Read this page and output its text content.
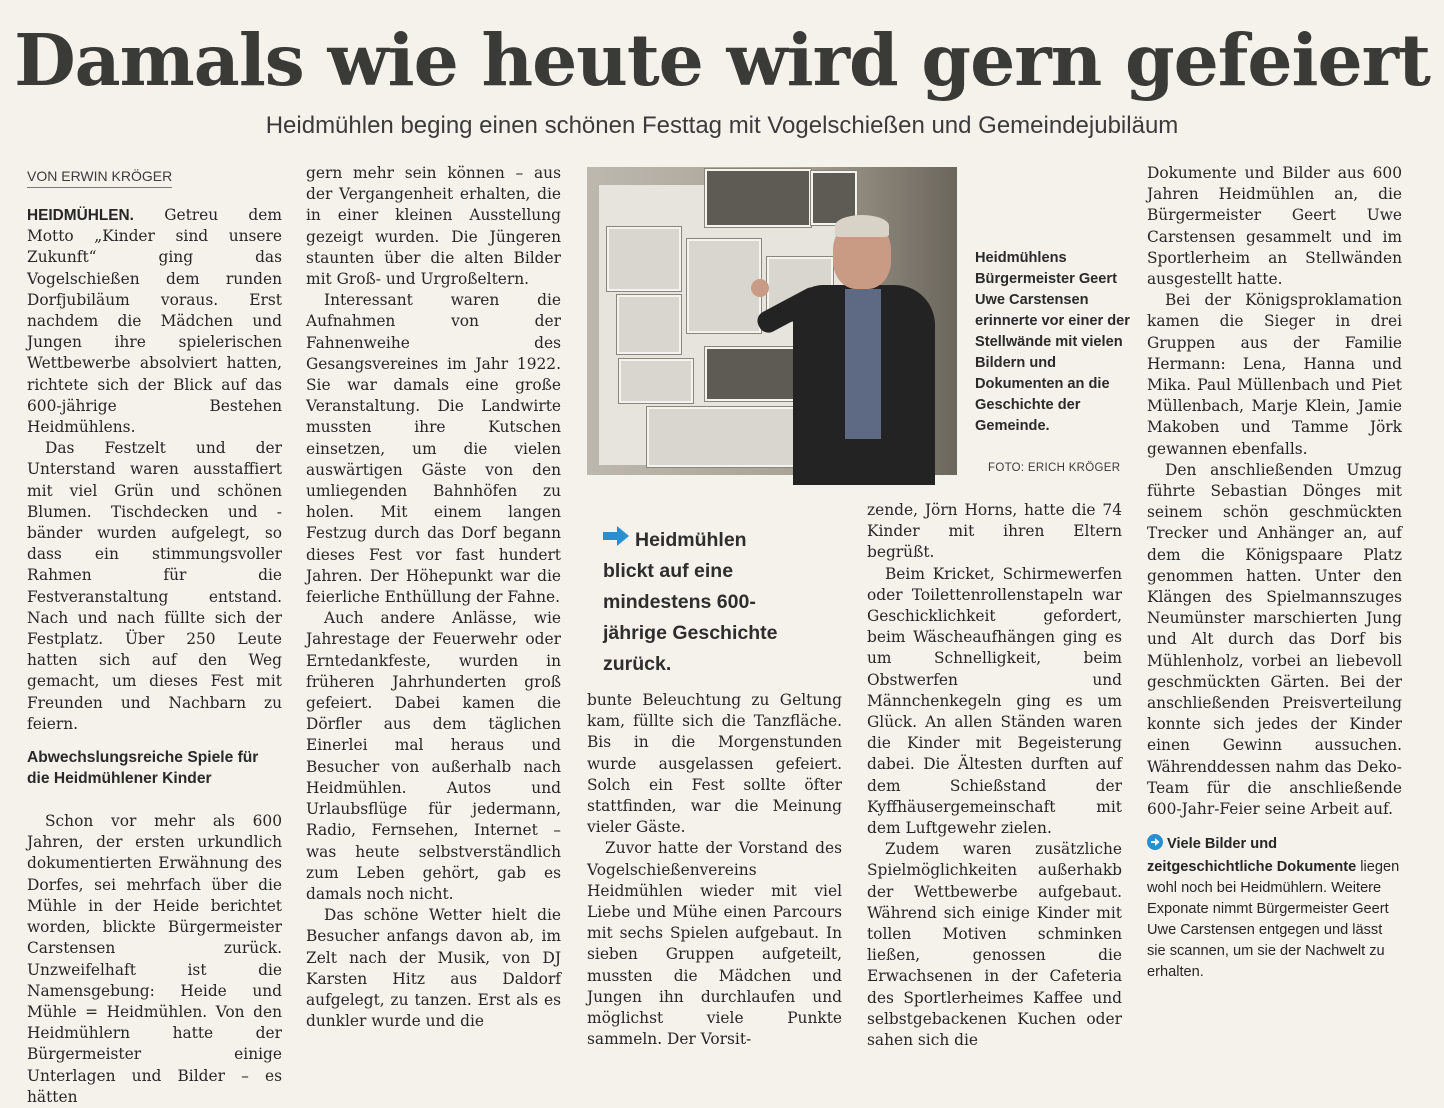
Damals wie heute wird gern gefeiert
Heidmühlen beging einen schönen Festtag mit Vogelschießen und Gemeindejubiläum
VON ERWIN KRÖGER

HEIDMÜHLEN. Getreu dem Motto „Kinder sind unsere Zukunft“ ging das Vogelschießen dem runden Dorfjubiläum voraus. Erst nachdem die Mädchen und Jungen ihre spielerischen Wettbewerbe absolviert hatten, richtete sich der Blick auf das 600-jährige Bestehen Heidmühlens.

Das Festzelt und der Unterstand waren ausstaffiert mit viel Grün und schönen Blumen. Tischdecken und -bänder wurden aufgelegt, so dass ein stimmungsvoller Rahmen für die Festveranstaltung entstand. Nach und nach füllte sich der Festplatz. Über 250 Leute hatten sich auf den Weg gemacht, um dieses Fest mit Freunden und Nachbarn zu feiern.

Abwechslungsreiche Spiele für die Heidmühlener Kinder

Schon vor mehr als 600 Jahren, der ersten urkundlich dokumentierten Erwähnung des Dorfes, sei mehrfach über die Mühle in der Heide berichtet worden, blickte Bürgermeister Carstensen zurück. Unzweifelhaft ist die Namensgebung: Heide und Mühle = Heidmühlen. Von den Heidmühlern hatte der Bürgermeister einige Unterlagen und Bilder – es hätten

gern mehr sein können – aus der Vergangenheit erhalten, die in einer kleinen Ausstellung gezeigt wurden. Die Jüngeren staunten über die alten Bilder mit Groß- und Urgroßeltern.

Interessant waren die Aufnahmen von der Fahnenweihe des Gesangsvereines im Jahr 1922. Sie war damals eine große Veranstaltung. Die Landwirte mussten ihre Kutschen einsetzen, um die vielen auswärtigen Gäste von den umliegenden Bahnhöfen zu holen. Mit einem langen Festzug durch das Dorf begann dieses Fest vor fast hundert Jahren. Der Höhepunkt war die feierliche Enthüllung der Fahne.

Auch andere Anlässe, wie Jahrestage der Feuerwehr oder Erntedankfeste, wurden in früheren Jahrhunderten groß gefeiert. Dabei kamen die Dörfler aus dem täglichen Einerlei mal heraus und Besucher von außerhalb nach Heidmühlen. Autos und Urlaubsflüge für jedermann, Radio, Fernsehen, Internet – was heute selbstverständlich zum Leben gehört, gab es damals noch nicht.

Das schöne Wetter hielt die Besucher anfangs davon ab, im Zelt nach der Musik, von DJ Karsten Hitz aus Daldorf aufgelegt, zu tanzen. Erst als es dunkler wurde und die

Heidmühlens Bürgermeister Geert Uwe Carstensen erinnerte vor einer der Stellwände mit vielen Bildern und Dokumenten an die Geschichte der Gemeinde.
FOTO: ERICH KRÖGER
Heidmühlen blickt auf eine mindestens 600-jährige Geschichte zurück.

bunte Beleuchtung zu Geltung kam, füllte sich die Tanzfläche. Bis in die Morgenstunden wurde ausgelassen gefeiert. Solch ein Fest sollte öfter stattfinden, war die Meinung vieler Gäste.

Zuvor hatte der Vorstand des Vogelschießenvereins Heidmühlen wieder mit viel Liebe und Mühe einen Parcours mit sechs Spielen aufgebaut. In sieben Gruppen aufgeteilt, mussten die Mädchen und Jungen ihn durchlaufen und möglichst viele Punkte sammeln. Der Vorsit-

zende, Jörn Horns, hatte die 74 Kinder mit ihren Eltern begrüßt.

Beim Kricket, Schirmewerfen oder Toilettenrollenstapeln war Geschicklichkeit gefordert, beim Wäscheaufhängen ging es um Schnelligkeit, beim Obstwerfen und Männchenkegeln ging es um Glück. An allen Ständen waren die Kinder mit Begeisterung dabei. Die Ältesten durften auf dem Schießstand der Kyffhäusergemeinschaft mit dem Luftgewehr zielen.

Zudem waren zusätzliche Spielmöglichkeiten außerhakb der Wettbewerbe aufgebaut. Während sich einige Kinder mit tollen Motiven schminken ließen, genossen die Erwachsenen in der Cafeteria des Sportlerheimes Kaffee und selbstgebackenen Kuchen oder sahen sich die

Dokumente und Bilder aus 600 Jahren Heidmühlen an, die Bürgermeister Geert Uwe Carstensen gesammelt und im Sportlerheim an Stellwänden ausgestellt hatte.

Bei der Königsproklamation kamen die Sieger in drei Gruppen aus der Familie Hermann: Lena, Hanna und Mika. Paul Müllenbach und Piet Müllenbach, Marje Klein, Jamie Makoben und Tamme Jörk gewannen ebenfalls.

Den anschließenden Umzug führte Sebastian Dönges mit seinem schön geschmückten Trecker und Anhänger an, auf dem die Königspaare Platz genommen hatten. Unter den Klängen des Spielmannszuges Neumünster marschierten Jung und Alt durch das Dorf bis Mühlenholz, vorbei an liebevoll geschmückten Gärten. Bei der anschließenden Preisverteilung konnte sich jedes der Kinder einen Gewinn aussuchen. Währenddessen nahm das Deko-Team für die anschließende 600-Jahr-Feier seine Arbeit auf.

Viele Bilder und zeitgeschichtliche Dokumente liegen wohl noch bei Heidmühlern. Weitere Exponate nimmt Bürgermeister Geert Uwe Carstensen entgegen und lässt sie scannen, um sie der Nachwelt zu erhalten.
